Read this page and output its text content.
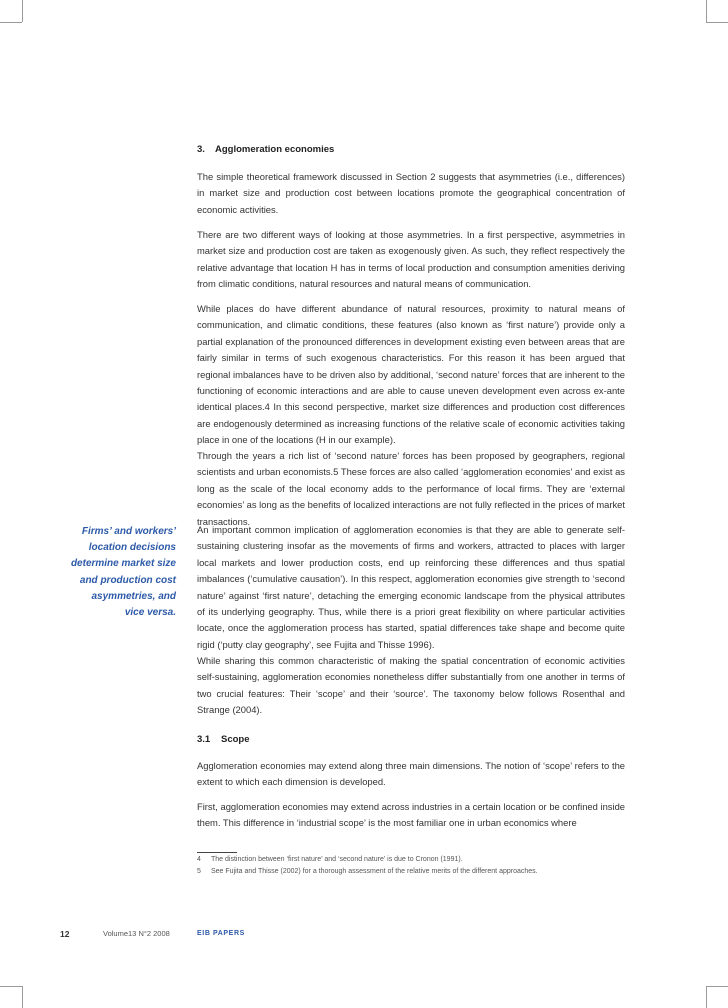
3. Agglomeration economies

The simple theoretical framework discussed in Section 2 suggests that asymmetries (i.e., differences) in market size and production cost between locations promote the geographical concentration of economic activities.

There are two different ways of looking at those asymmetries. In a first perspective, asymmetries in market size and production cost are taken as exogenously given. As such, they reflect respectively the relative advantage that location H has in terms of local production and consumption amenities deriving from climatic conditions, natural resources and natural means of communication.

While places do have different abundance of natural resources, proximity to natural means of communication, and climatic conditions, these features (also known as ‘first nature’) provide only a partial explanation of the pronounced differences in development existing even between areas that are fairly similar in terms of such exogenous characteristics. For this reason it has been argued that regional imbalances have to be driven also by additional, ‘second nature’ forces that are inherent to the functioning of economic interactions and are able to cause uneven development even across ex-ante identical places.4 In this second perspective, market size differences and production cost differences are endogenously determined as increasing functions of the relative scale of economic activities taking place in one of the locations (H in our example).

Through the years a rich list of ‘second nature’ forces has been proposed by geographers, regional scientists and urban economists.5 These forces are also called ‘agglomeration economies’ and exist as long as the scale of the local economy adds to the performance of local firms. They are ‘external economies’ as long as the benefits of localized interactions are not fully reflected in the prices of market transactions.

An important common implication of agglomeration economies is that they are able to generate self-sustaining clustering insofar as the movements of firms and workers, attracted to places with larger local markets and lower production costs, end up reinforcing these differences and thus spatial imbalances (‘cumulative causation’). In this respect, agglomeration economies give strength to ‘second nature’ against ‘first nature’, detaching the emerging economic landscape from the physical attributes of its underlying geography. Thus, while there is a priori great flexibility on where particular activities locate, once the agglomeration process has started, spatial differences take shape and become quite rigid (‘putty clay geography’, see Fujita and Thisse 1996).

While sharing this common characteristic of making the spatial concentration of economic activities self-sustaining, agglomeration economies nonetheless differ substantially from one another in terms of two crucial features: Their ‘scope’ and their ‘source’. The taxonomy below follows Rosenthal and Strange (2004).

3.1 Scope

Agglomeration economies may extend along three main dimensions. The notion of ‘scope’ refers to the extent to which each dimension is developed.

First, agglomeration economies may extend across industries in a certain location or be confined inside them. This difference in ‘industrial scope’ is the most familiar one in urban economics where

Firms’ and workers’
location decisions
determine market size
and production cost
asymmetries, and
vice versa.
4 The distinction between ‘first nature’ and ‘second nature’ is due to Cronon (1991).
5 See Fujita and Thisse (2002) for a thorough assessment of the relative merits of the different approaches.
12	Volume13 N°2 2008	EIB PAPERS
